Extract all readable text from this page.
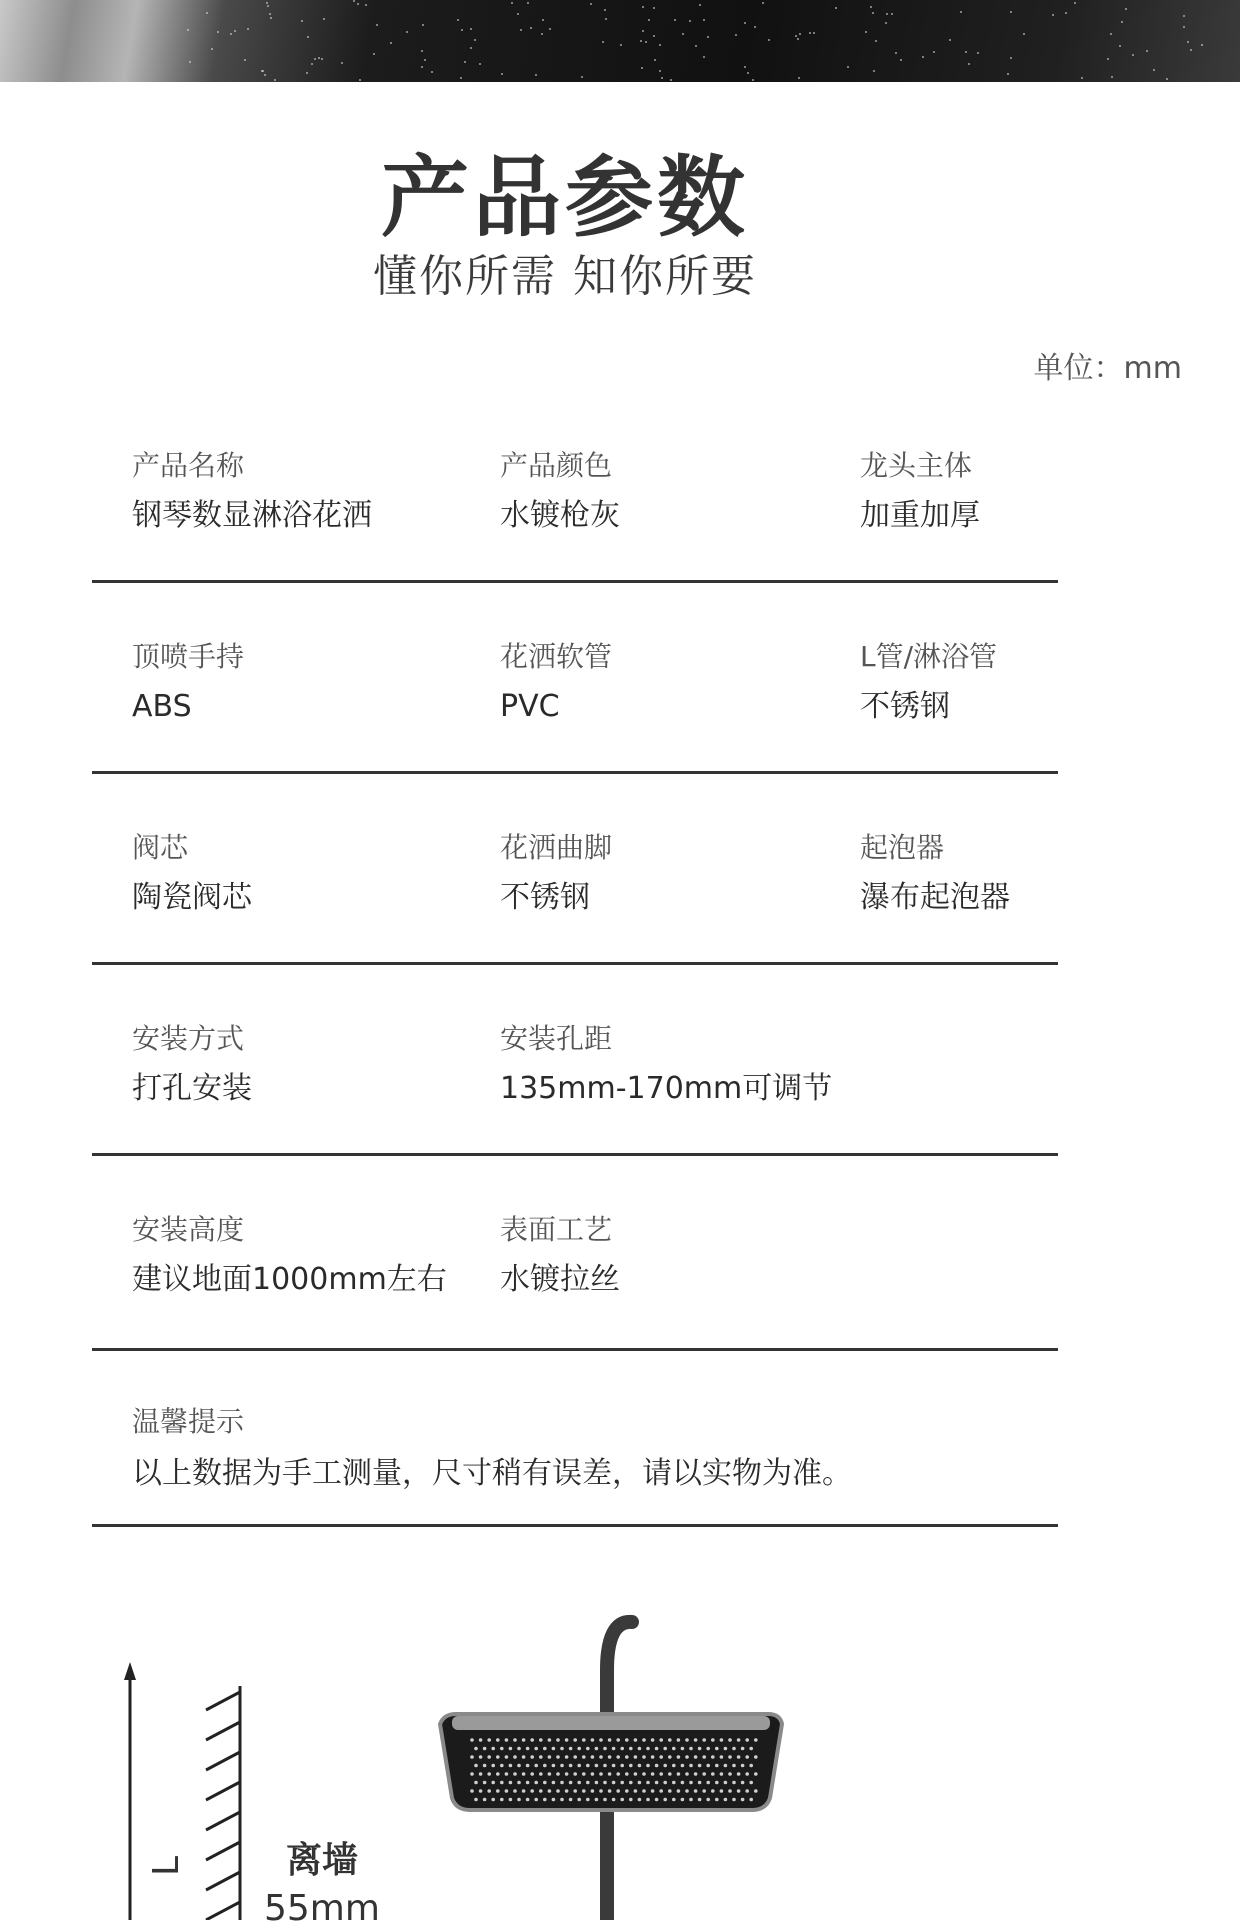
产品参数
懂你所需 知你所要
单位：mm
产品名称
钢琴数显淋浴花洒
产品颜色
水镀枪灰
龙头主体
加重加厚
顶喷手持
ABS
花洒软管
PVC
L管/淋浴管
不锈钢
阀芯
陶瓷阀芯
花洒曲脚
不锈钢
起泡器
瀑布起泡器
安装方式
打孔安装
安装孔距
135mm-170mm可调节
安装高度
建议地面1000mm左右
表面工艺
水镀拉丝
温馨提示
以上数据为手工测量，尺寸稍有误差，请以实物为准。
离墙
55mm
L
